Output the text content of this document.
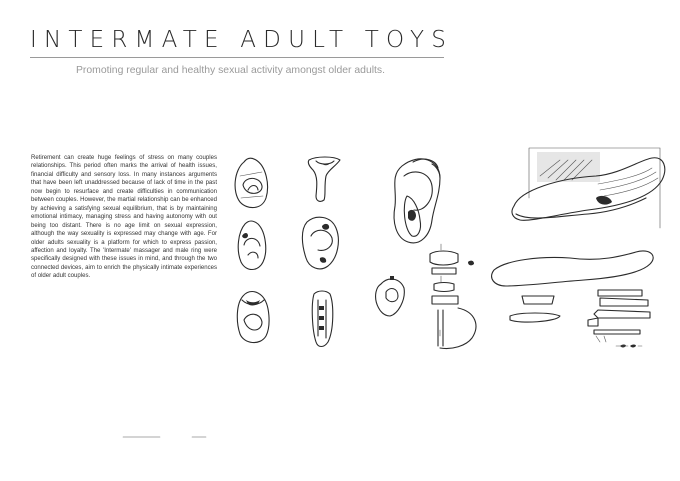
INTERMATE ADULT TOYS
Promoting regular and healthy sexual activity amongst older adults.
Retirement can create huge feelings of stress on many couples relationships. This period often marks the arrival of health issues, financial difficulty and sensory loss. In many instances arguments that have been left unaddressed because of lack of time in the past now begin to resurface and create difficulties in communication between couples. However, the martial relationship can be enhanced by achieving a satisfying sexual equilibrium, that is by maintaining emotional intimacy, managing stress and having autonomy with out being too distant. There is no age limit on sexual expression, although the way sexuality is expressed may change with age. For older adults sexuality is a platform for which to express passion, affection and loyalty. The 'Intermate' massager and male ring were specifically designed with these issues in mind, and through the two connected devices, aim to enrich the physically intimate experiences of older adult couples.
